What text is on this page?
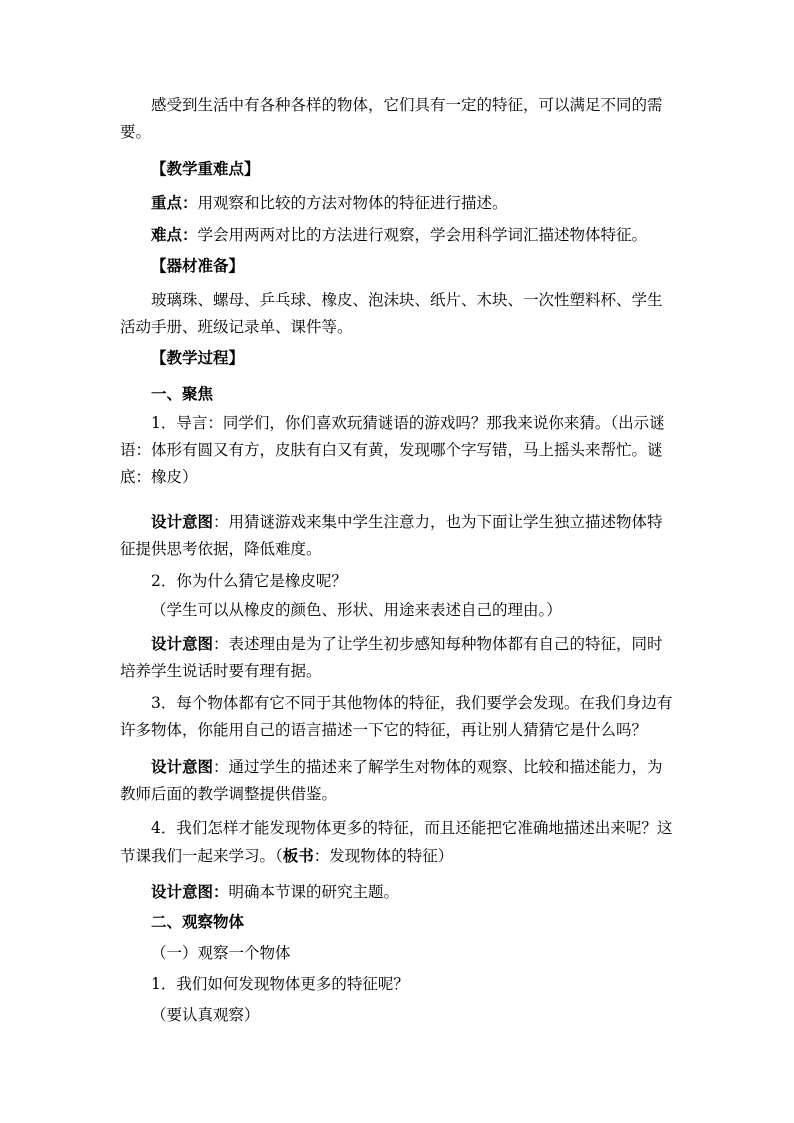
感受到生活中有各种各样的物体，它们具有一定的特征，可以满足不同的需要。

【教学重难点】

重点：用观察和比较的方法对物体的特征进行描述。

难点：学会用两两对比的方法进行观察，学会用科学词汇描述物体特征。

【器材准备】

玻璃珠、螺母、乒乓球、橡皮、泡沫块、纸片、木块、一次性塑料杯、学生活动手册、班级记录单、课件等。

【教学过程】

一、聚焦

1．导言：同学们，你们喜欢玩猜谜语的游戏吗？那我来说你来猜。（出示谜语：体形有圆又有方，皮肤有白又有黄，发现哪个字写错，马上摇头来帮忙。谜底：橡皮）

设计意图：用猜谜游戏来集中学生注意力，也为下面让学生独立描述物体特征提供思考依据，降低难度。

2．你为什么猜它是橡皮呢？

（学生可以从橡皮的颜色、形状、用途来表述自己的理由。）

设计意图：表述理由是为了让学生初步感知每种物体都有自己的特征，同时培养学生说话时要有理有据。

3．每个物体都有它不同于其他物体的特征，我们要学会发现。在我们身边有许多物体，你能用自己的语言描述一下它的特征，再让别人猜猜它是什么吗？

设计意图：通过学生的描述来了解学生对物体的观察、比较和描述能力，为教师后面的教学调整提供借鉴。

4．我们怎样才能发现物体更多的特征，而且还能把它准确地描述出来呢？这节课我们一起来学习。（板书：发现物体的特征）

设计意图：明确本节课的研究主题。

二、观察物体

（一）观察一个物体

1．我们如何发现物体更多的特征呢？

（要认真观察）
